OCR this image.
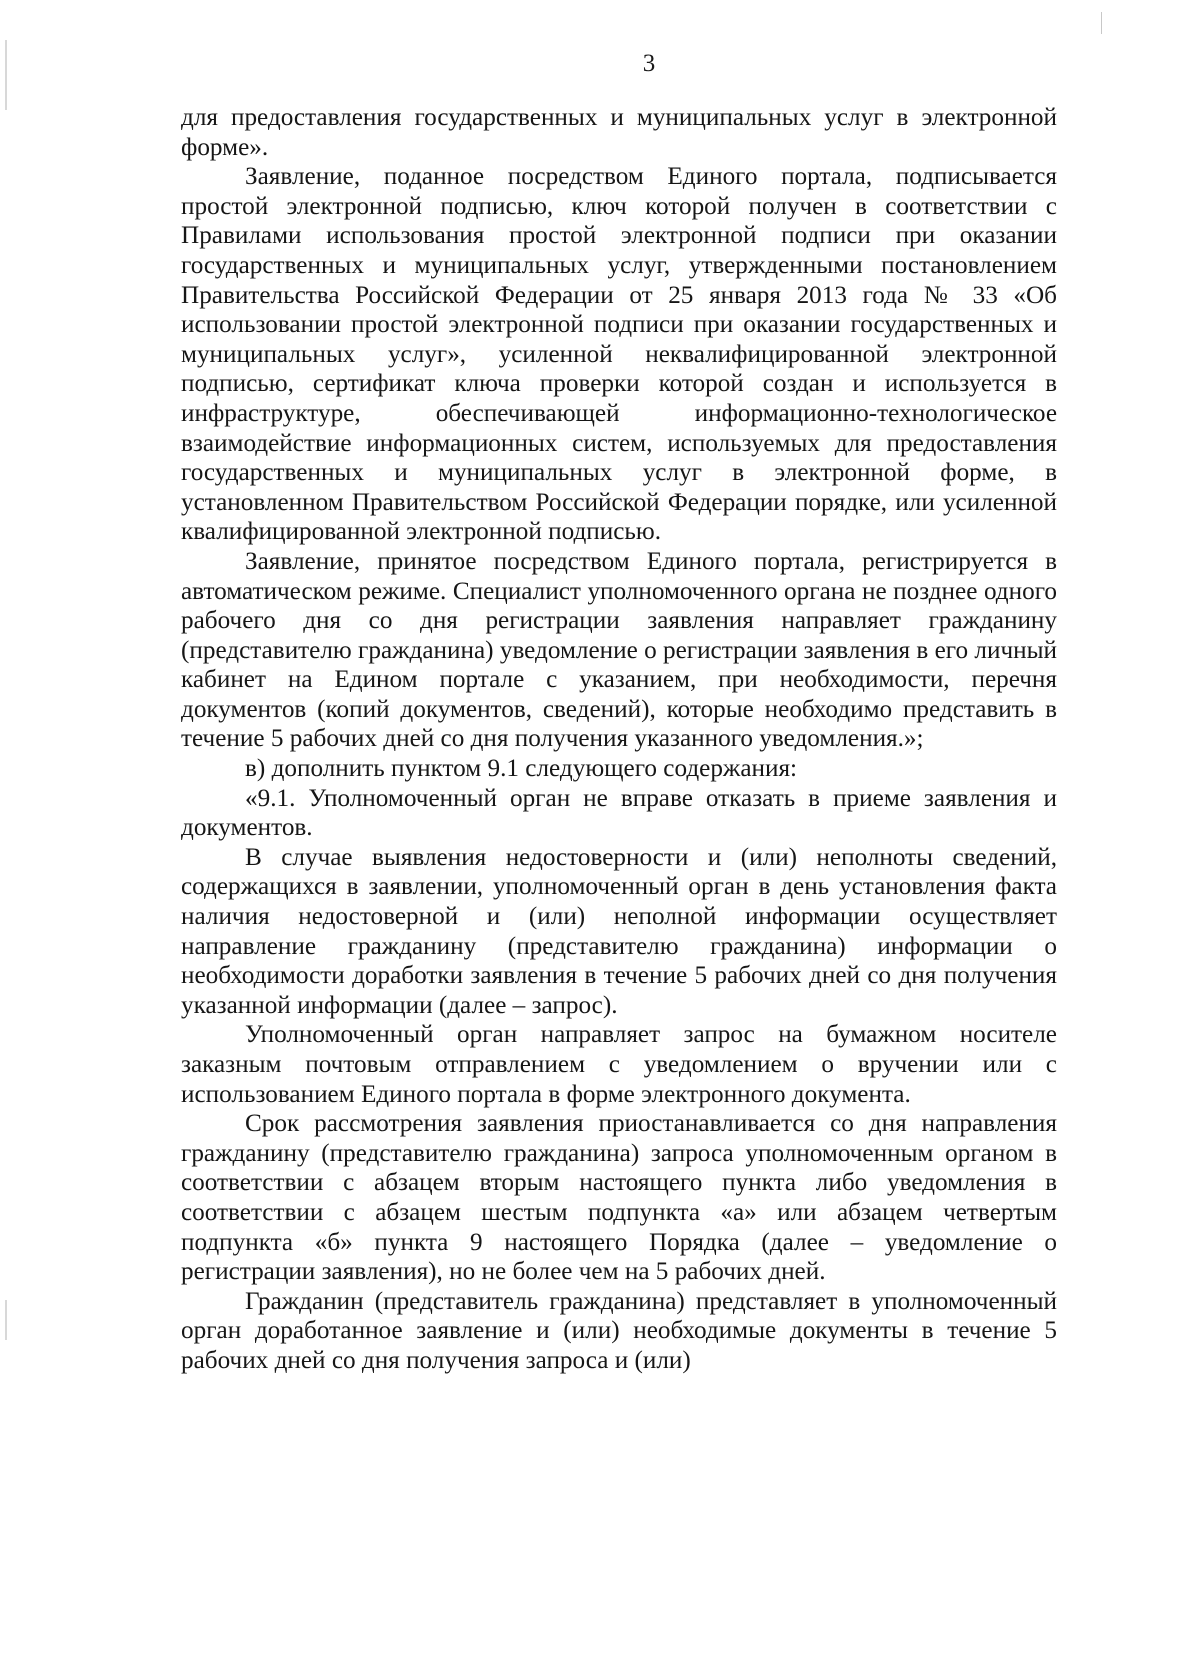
3

для предоставления государственных и муниципальных услуг в электронной форме».

Заявление, поданное посредством Единого портала, подписывается простой электронной подписью, ключ которой получен в соответствии с Правилами использования простой электронной подписи при оказании государственных и муниципальных услуг, утвержденными постановлением Правительства Российской Федерации от 25 января 2013 года № 33 «Об использовании простой электронной подписи при оказании государственных и муниципальных услуг», усиленной неквалифицированной электронной подписью, сертификат ключа проверки которой создан и используется в инфраструктуре, обеспечивающей информационно-технологическое взаимодействие информационных систем, используемых для предоставления государственных и муниципальных услуг в электронной форме, в установленном Правительством Российской Федерации порядке, или усиленной квалифицированной электронной подписью.

Заявление, принятое посредством Единого портала, регистрируется в автоматическом режиме. Специалист уполномоченного органа не позднее одного рабочего дня со дня регистрации заявления направляет гражданину (представителю гражданина) уведомление о регистрации заявления в его личный кабинет на Едином портале с указанием, при необходимости, перечня документов (копий документов, сведений), которые необходимо представить в течение 5 рабочих дней со дня получения указанного уведомления.»;

в) дополнить пунктом 9.1 следующего содержания:

«9.1. Уполномоченный орган не вправе отказать в приеме заявления и документов.

В случае выявления недостоверности и (или) неполноты сведений, содержащихся в заявлении, уполномоченный орган в день установления факта наличия недостоверной и (или) неполной информации осуществляет направление гражданину (представителю гражданина) информации о необходимости доработки заявления в течение 5 рабочих дней со дня получения указанной информации (далее – запрос).

Уполномоченный орган направляет запрос на бумажном носителе заказным почтовым отправлением с уведомлением о вручении или с использованием Единого портала в форме электронного документа.

Срок рассмотрения заявления приостанавливается со дня направления гражданину (представителю гражданина) запроса уполномоченным органом в соответствии с абзацем вторым настоящего пункта либо уведомления в соответствии с абзацем шестым подпункта «а» или абзацем четвертым подпункта «б» пункта 9 настоящего Порядка (далее – уведомление о регистрации заявления), но не более чем на 5 рабочих дней.

Гражданин (представитель гражданина) представляет в уполномоченный орган доработанное заявление и (или) необходимые документы в течение 5 рабочих дней со дня получения запроса и (или)
